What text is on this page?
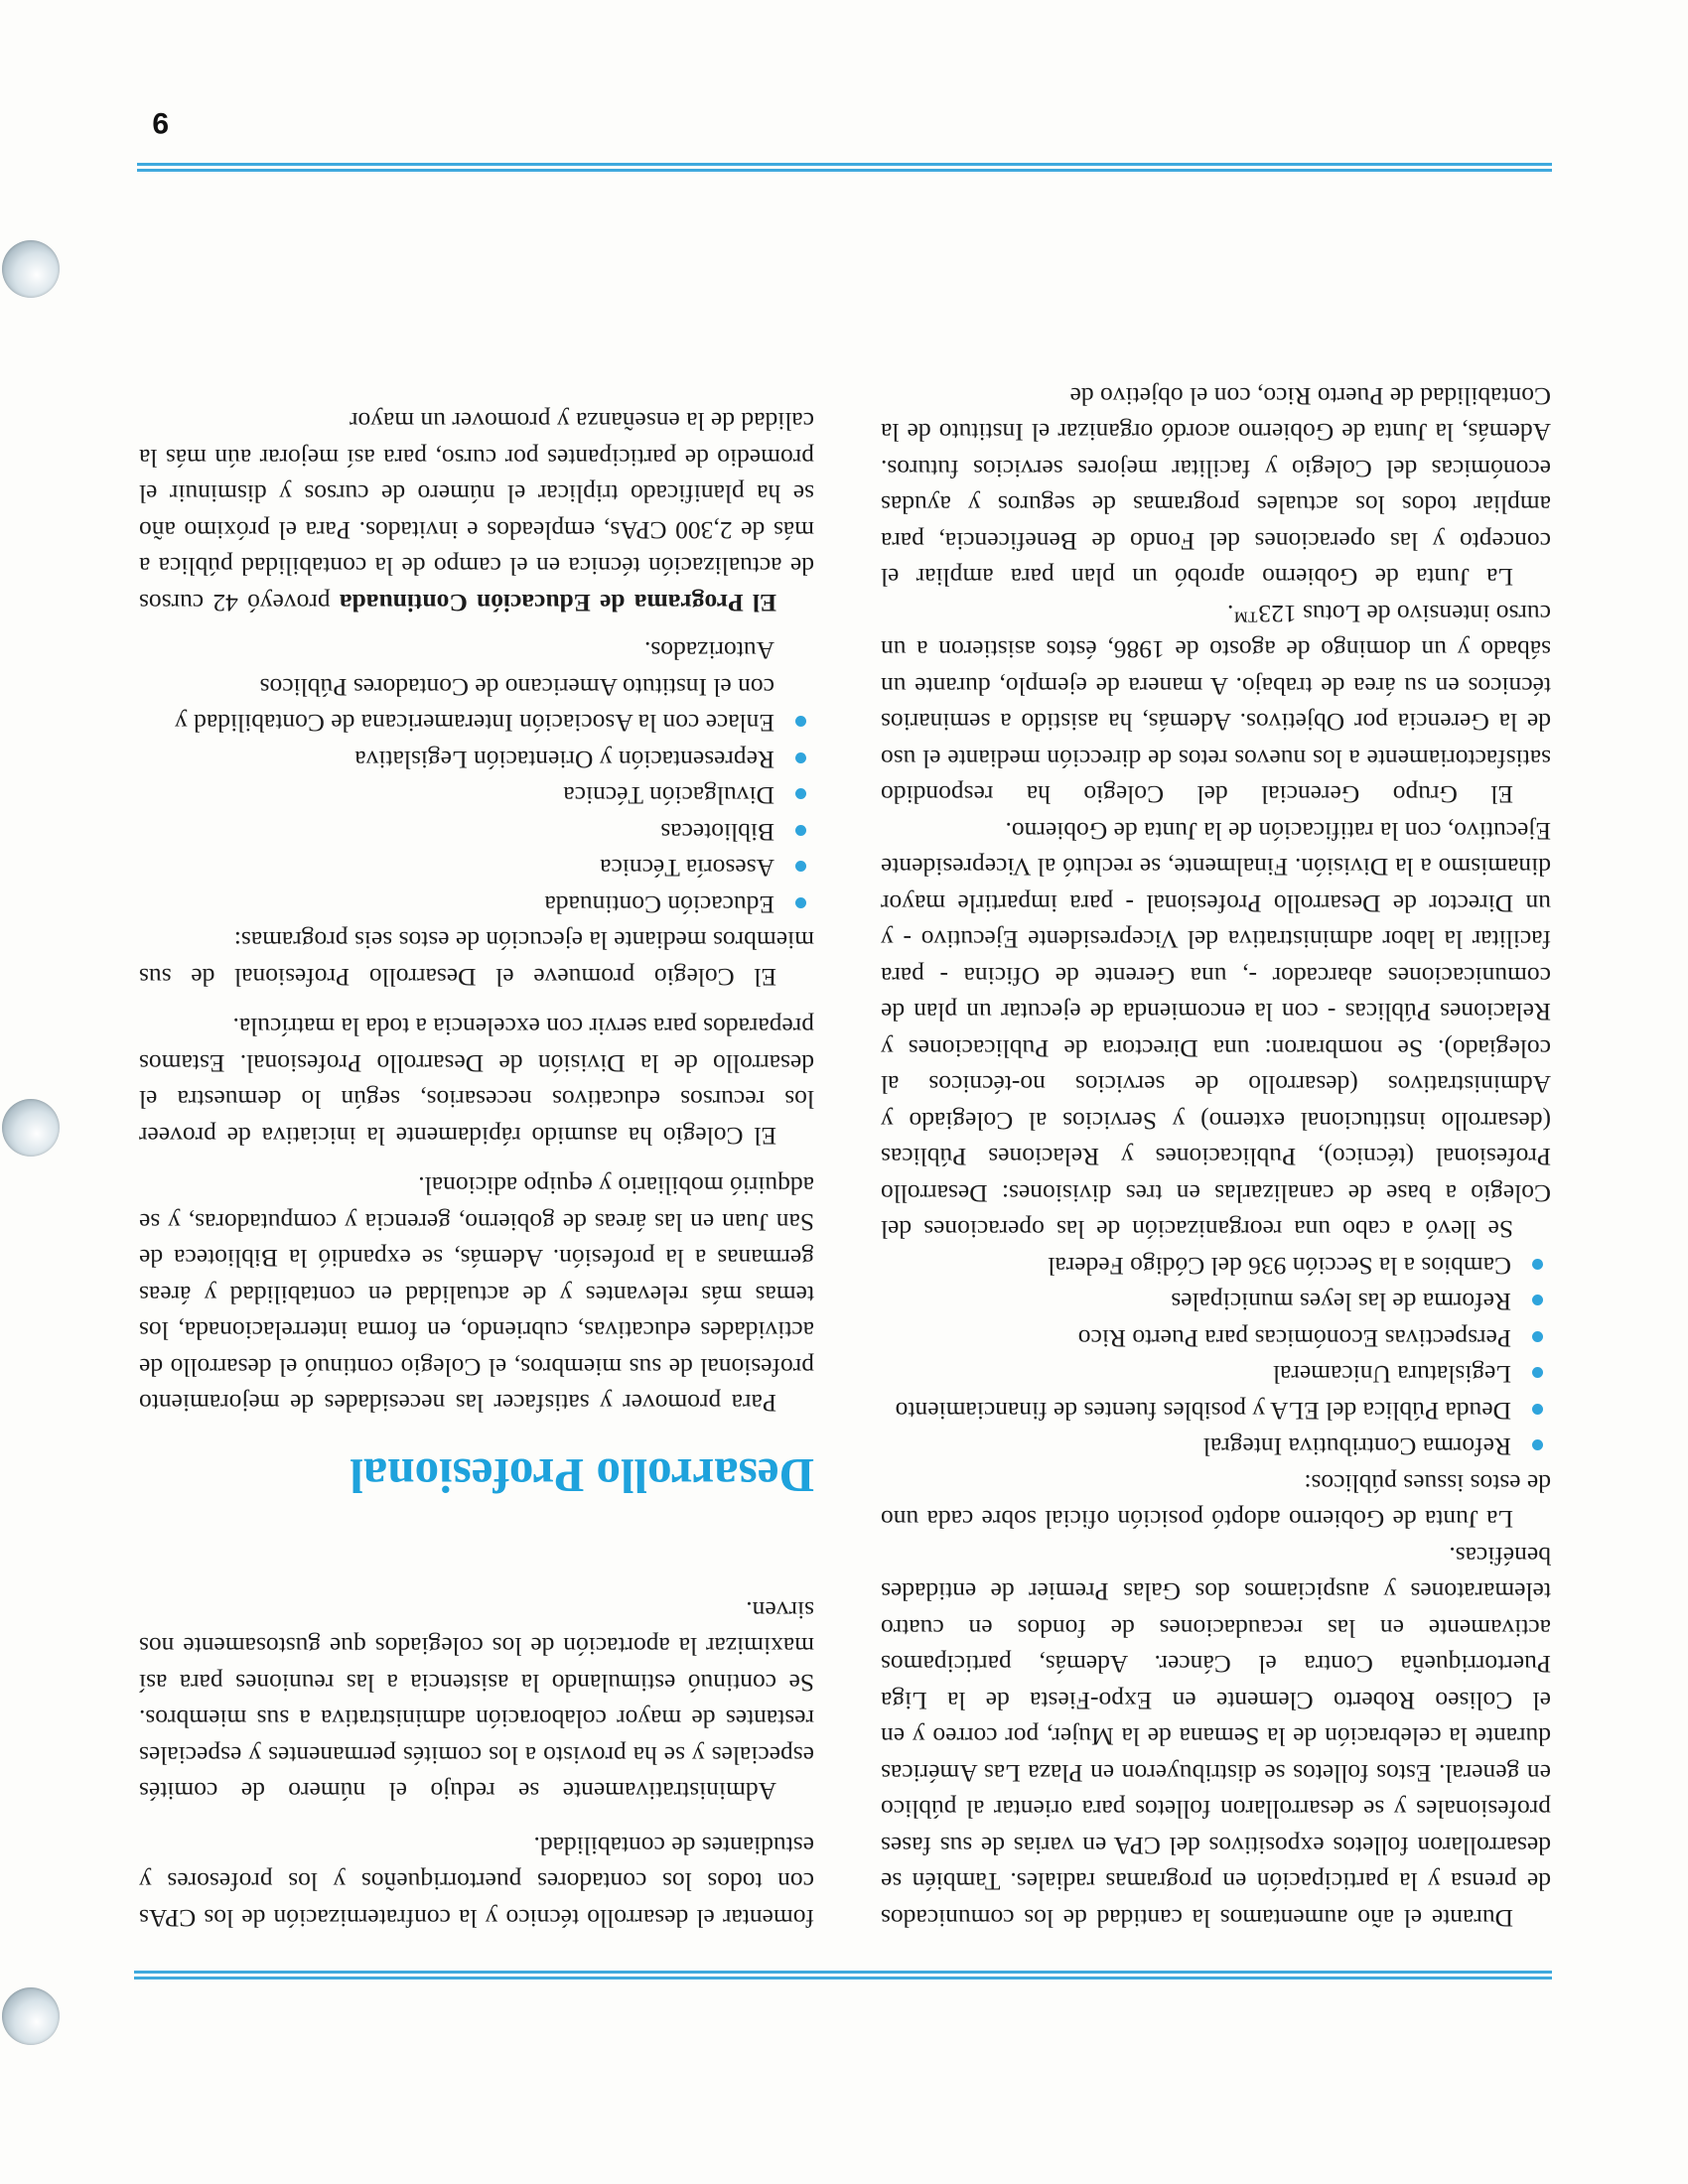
Durante el año aumentamos la cantidad de los comunicados de prensa y la participación en programas radiales. También se desarrollaron folletos expositivos del CPA en varias de sus fases profesionales y se desarrollaron folletos para orientar al público en general. Estos folletos se distribuyeron en Plaza Las Américas durante la celebración de la Semana de la Mujer, por correo y en el Coliseo Roberto Clemente en Expo-Fiesta de la Liga Puertorriqueña Contra el Cáncer. Además, participamos activamente en las recaudaciones de fondos en cuatro telemaratones y auspiciamos dos Galas Premier de entidades benéficas.

La Junta de Gobierno adoptó posición oficial sobre cada uno de estos issues públicos:

Reforma Contributiva Integral
Deuda Pública del ELA y posibles fuentes de financiamiento
Legislatura Unicameral
Perspectivas Económicas para Puerto Rico
Reforma de las leyes municipales
Cambios a la Sección 936 del Código Federal

Se llevó a cabo una reorganización de las operaciones del Colegio a base de canalizarlas en tres divisiones: Desarrollo Profesional (técnico), Publicaciones y Relaciones Públicas (desarrollo institucional externo) y Servicios al Colegiado y Administrativos (desarrollo de servicios no-técnicos al colegiado). Se nombraron: una Directora de Publicaciones y Relaciones Públicas - con la encomienda de ejecutar un plan de comunicaciones abarcador -, una Gerente de Oficina - para facilitar la labor administrativa del Vicepresidente Ejecutivo - y un Director de Desarrollo Profesional - para impartirle mayor dinamismo a la División. Finalmente, se reclutó al Vicepresidente Ejecutivo, con la ratificación de la Junta de Gobierno.

El Grupo Gerencial del Colegio ha respondido satisfactoriamente a los nuevos retos de dirección mediante el uso de la Gerencia por Objetivos. Además, ha asistido a seminarios técnicos en su área de trabajo. A manera de ejemplo, durante un sábado y un domingo de agosto de 1986, éstos asistieron a un curso intensivo de Lotus 123™.

La Junta de Gobierno aprobó un plan para ampliar el concepto y las operaciones del Fondo de Beneficencia, para ampliar todos los actuales programas de seguros y ayudas económicas del Colegio y facilitar mejores servicios futuros. Además, la Junta de Gobierno acordó organizar el Instituto de la Contabilidad de Puerto Rico, con el objetivo de

fomentar el desarrollo técnico y la confraternización de los CPAs con todos los contadores puertorriqueños y los profesores y estudiantes de contabilidad.

Administrativamente se redujo el número de comités especiales y se ha provisto a los comités permanentes y especiales restantes de mayor colaboración administrativa a sus miembros. Se continuó estimulando la asistencia a las reuniones para así maximizar la aportación de los colegiados que gustosamente nos sirven.

Desarrollo Profesional

Para promover y satisfacer las necesidades de mejoramiento profesional de sus miembros, el Colegio continuó el desarrollo de actividades educativas, cubriendo, en forma interrelacionada, los temas más relevantes y de actualidad en contabilidad y áreas germanas a la profesión. Además, se expandió la Biblioteca de San Juan en las áreas de gobierno, gerencia y computadoras, y se adquirió mobiliario y equipo adicional.

El Colegio ha asumido rápidamente la iniciativa de proveer los recursos educativos necesarios, según lo demuestra el desarrollo de la División de Desarrollo Profesional. Estamos preparados para servir con excelencia a toda la matrícula.

El Colegio promueve el Desarrollo Profesional de sus miembros mediante la ejecución de estos seis programas:

Educación Continuada
Asesoría Técnica
Bibliotecas
Divulgación Técnica
Representación y Orientación Legislativa
Enlace con la Asociación Interamericana de Contabilidad y con el Instituto Americano de Contadores Públicos Autorizados.

El Programa de Educación Continuada proveyó 42 cursos de actualización técnica en el campo de la contabilidad pública a más de 2,300 CPAs, empleados e invitados. Para el próximo año se ha planificado triplicar el número de cursos y disminuir el promedio de participantes por curso, para así mejorar aún más la calidad de la enseñanza y promover un mayor

9
